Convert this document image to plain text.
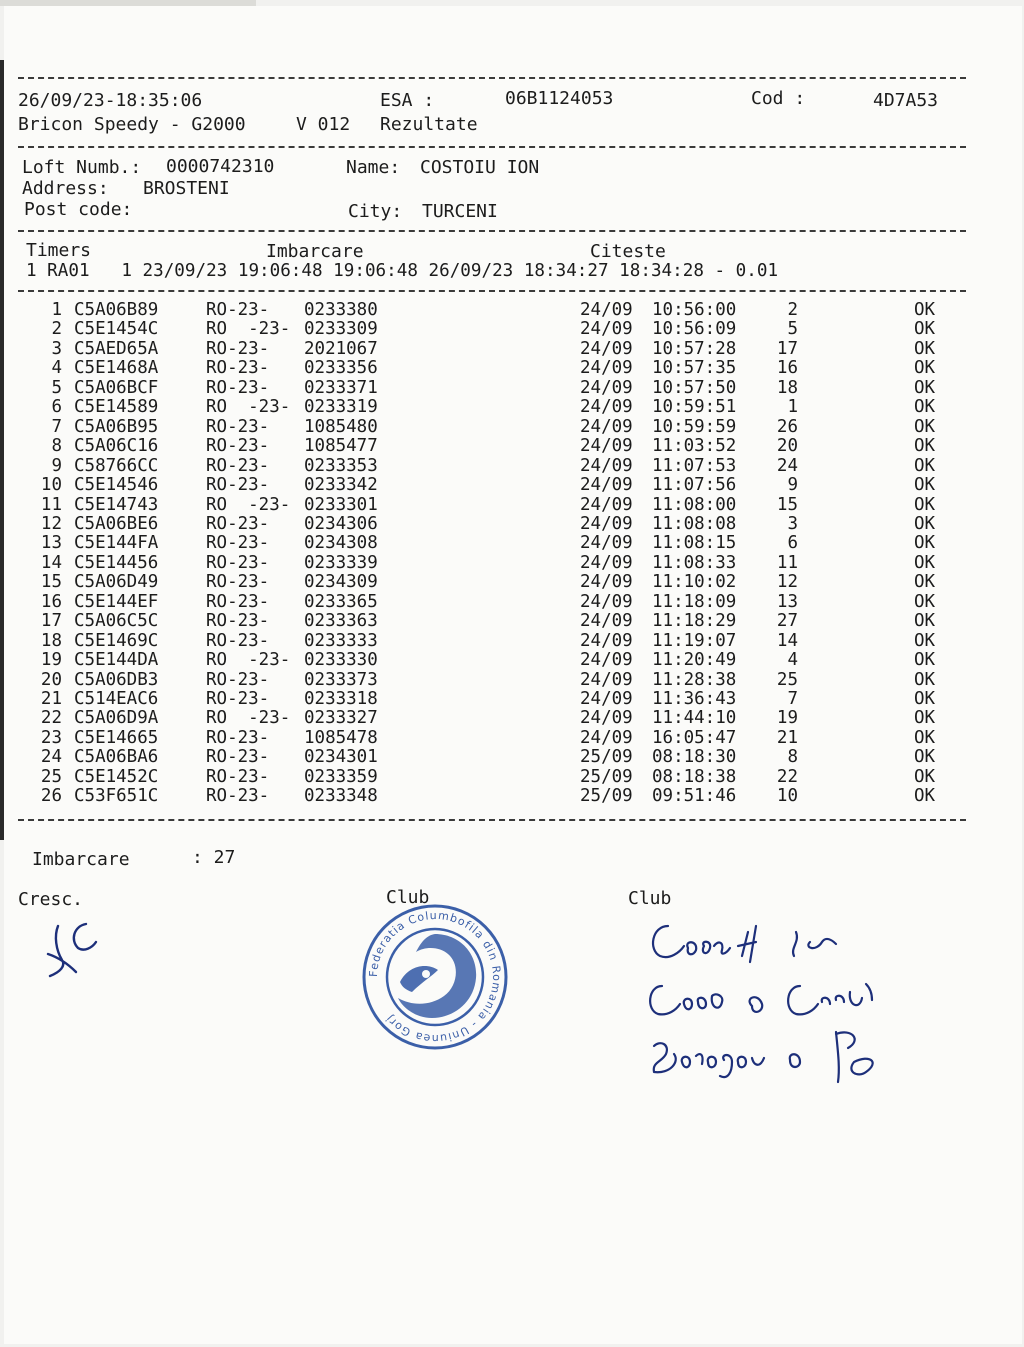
26/09/23-18:35:06	ESA :	06B1124053	Cod :	4D7A53
Bricon Speedy - G2000	V 012 Rezultate
Loft Numb.: 0000742310	Name: COSTOIU ION
Address: BROSTENI
Post code:	City: TURCENI
Timers	Imbarcare	Citeste
1 RA01   1 23/09/23 19:06:48 19:06:48 26/09/23 18:34:27 18:34:28 - 0.01
1 C5A06B89	RO-23- 0233380	24/09 10:56:00	2	OK
2 C5E1454C	RO  -23- 0233309	24/09 10:56:09	5	OK
3 C5AED65A	RO-23- 2021067	24/09 10:57:28	17	OK
4 C5E1468A	RO-23- 0233356	24/09 10:57:35	16	OK
5 C5A06BCF	RO-23- 0233371	24/09 10:57:50	18	OK
6 C5E14589	RO  -23- 0233319	24/09 10:59:51	1	OK
7 C5A06B95	RO-23- 1085480	24/09 10:59:59	26	OK
8 C5A06C16	RO-23- 1085477	24/09 11:03:52	20	OK
9 C58766CC	RO-23- 0233353	24/09 11:07:53	24	OK
10 C5E14546	RO-23- 0233342	24/09 11:07:56	9	OK
11 C5E14743	RO  -23- 0233301	24/09 11:08:00	15	OK
12 C5A06BE6	RO-23- 0234306	24/09 11:08:08	3	OK
13 C5E144FA	RO-23- 0234308	24/09 11:08:15	6	OK
14 C5E14456	RO-23- 0233339	24/09 11:08:33	11	OK
15 C5A06D49	RO-23- 0234309	24/09 11:10:02	12	OK
16 C5E144EF	RO-23- 0233365	24/09 11:18:09	13	OK
17 C5A06C5C	RO-23- 0233363	24/09 11:18:29	27	OK
18 C5E1469C	RO-23- 0233333	24/09 11:19:07	14	OK
19 C5E144DA	RO  -23- 0233330	24/09 11:20:49	4	OK
20 C5A06DB3	RO-23- 0233373	24/09 11:28:38	25	OK
21 C514EAC6	RO-23- 0233318	24/09 11:36:43	7	OK
22 C5A06D9A	RO  -23- 0233327	24/09 11:44:10	19	OK
23 C5E14665	RO-23- 1085478	24/09 16:05:47	21	OK
24 C5A06BA6	RO-23- 0234301	25/09 08:18:30	8	OK
25 C5E1452C	RO-23- 0233359	25/09 08:18:38	22	OK
26 C53F651C	RO-23- 0233348	25/09 09:51:46	10	OK
Imbarcare	: 27
Cresc.	Club	Club
Federatia Columbofila din Romania - Uniunea Gorj
